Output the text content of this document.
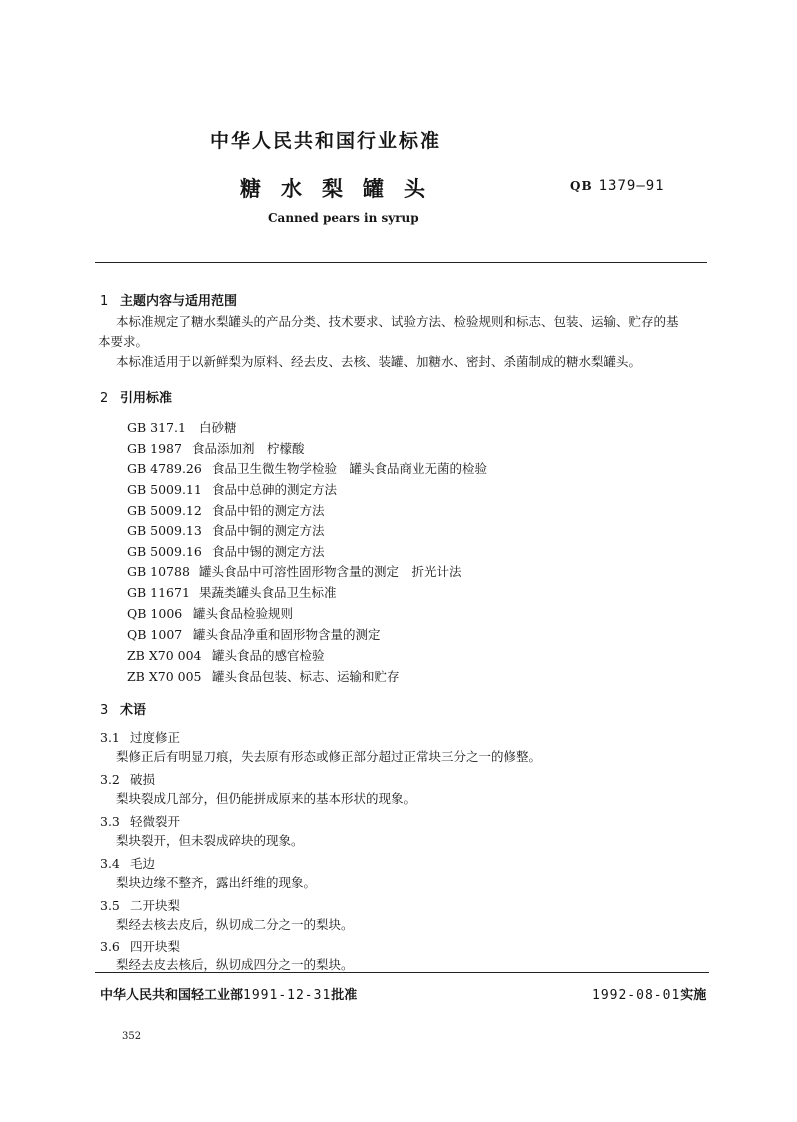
中华人民共和国行业标准
糖水梨罐头	QB 1379—91
Canned pears in syrup
1 主题内容与适用范围
本标准规定了糖水梨罐头的产品分类、技术要求、试验方法、检验规则和标志、包装、运输、贮存的基
本要求。
本标准适用于以新鲜梨为原料、经去皮、去核、装罐、加糖水、密封、杀菌制成的糖水梨罐头。
2 引用标准
GB 317.1 白砂糖
GB 1987 食品添加剂　柠檬酸
GB 4789.26 食品卫生微生物学检验　罐头食品商业无菌的检验
GB 5009.11 食品中总砷的测定方法
GB 5009.12 食品中铅的测定方法
GB 5009.13 食品中铜的测定方法
GB 5009.16 食品中锡的测定方法
GB 10788 罐头食品中可溶性固形物含量的测定　折光计法
GB 11671 果蔬类罐头食品卫生标准
QB 1006 罐头食品检验规则
QB 1007 罐头食品净重和固形物含量的测定
ZB X70 004 罐头食品的感官检验
ZB X70 005 罐头食品包装、标志、运输和贮存
3 术语
3.1 过度修正
梨修正后有明显刀痕，失去原有形态或修正部分超过正常块三分之一的修整。
3.2 破损
梨块裂成几部分，但仍能拼成原来的基本形状的现象。
3.3 轻微裂开
梨块裂开，但未裂成碎块的现象。
3.4 毛边
梨块边缘不整齐，露出纤维的现象。
3.5 二开块梨
梨经去核去皮后，纵切成二分之一的梨块。
3.6 四开块梨
梨经去皮去核后，纵切成四分之一的梨块。
中华人民共和国轻工业部1991-12-31批准	1992-08-01实施
352
